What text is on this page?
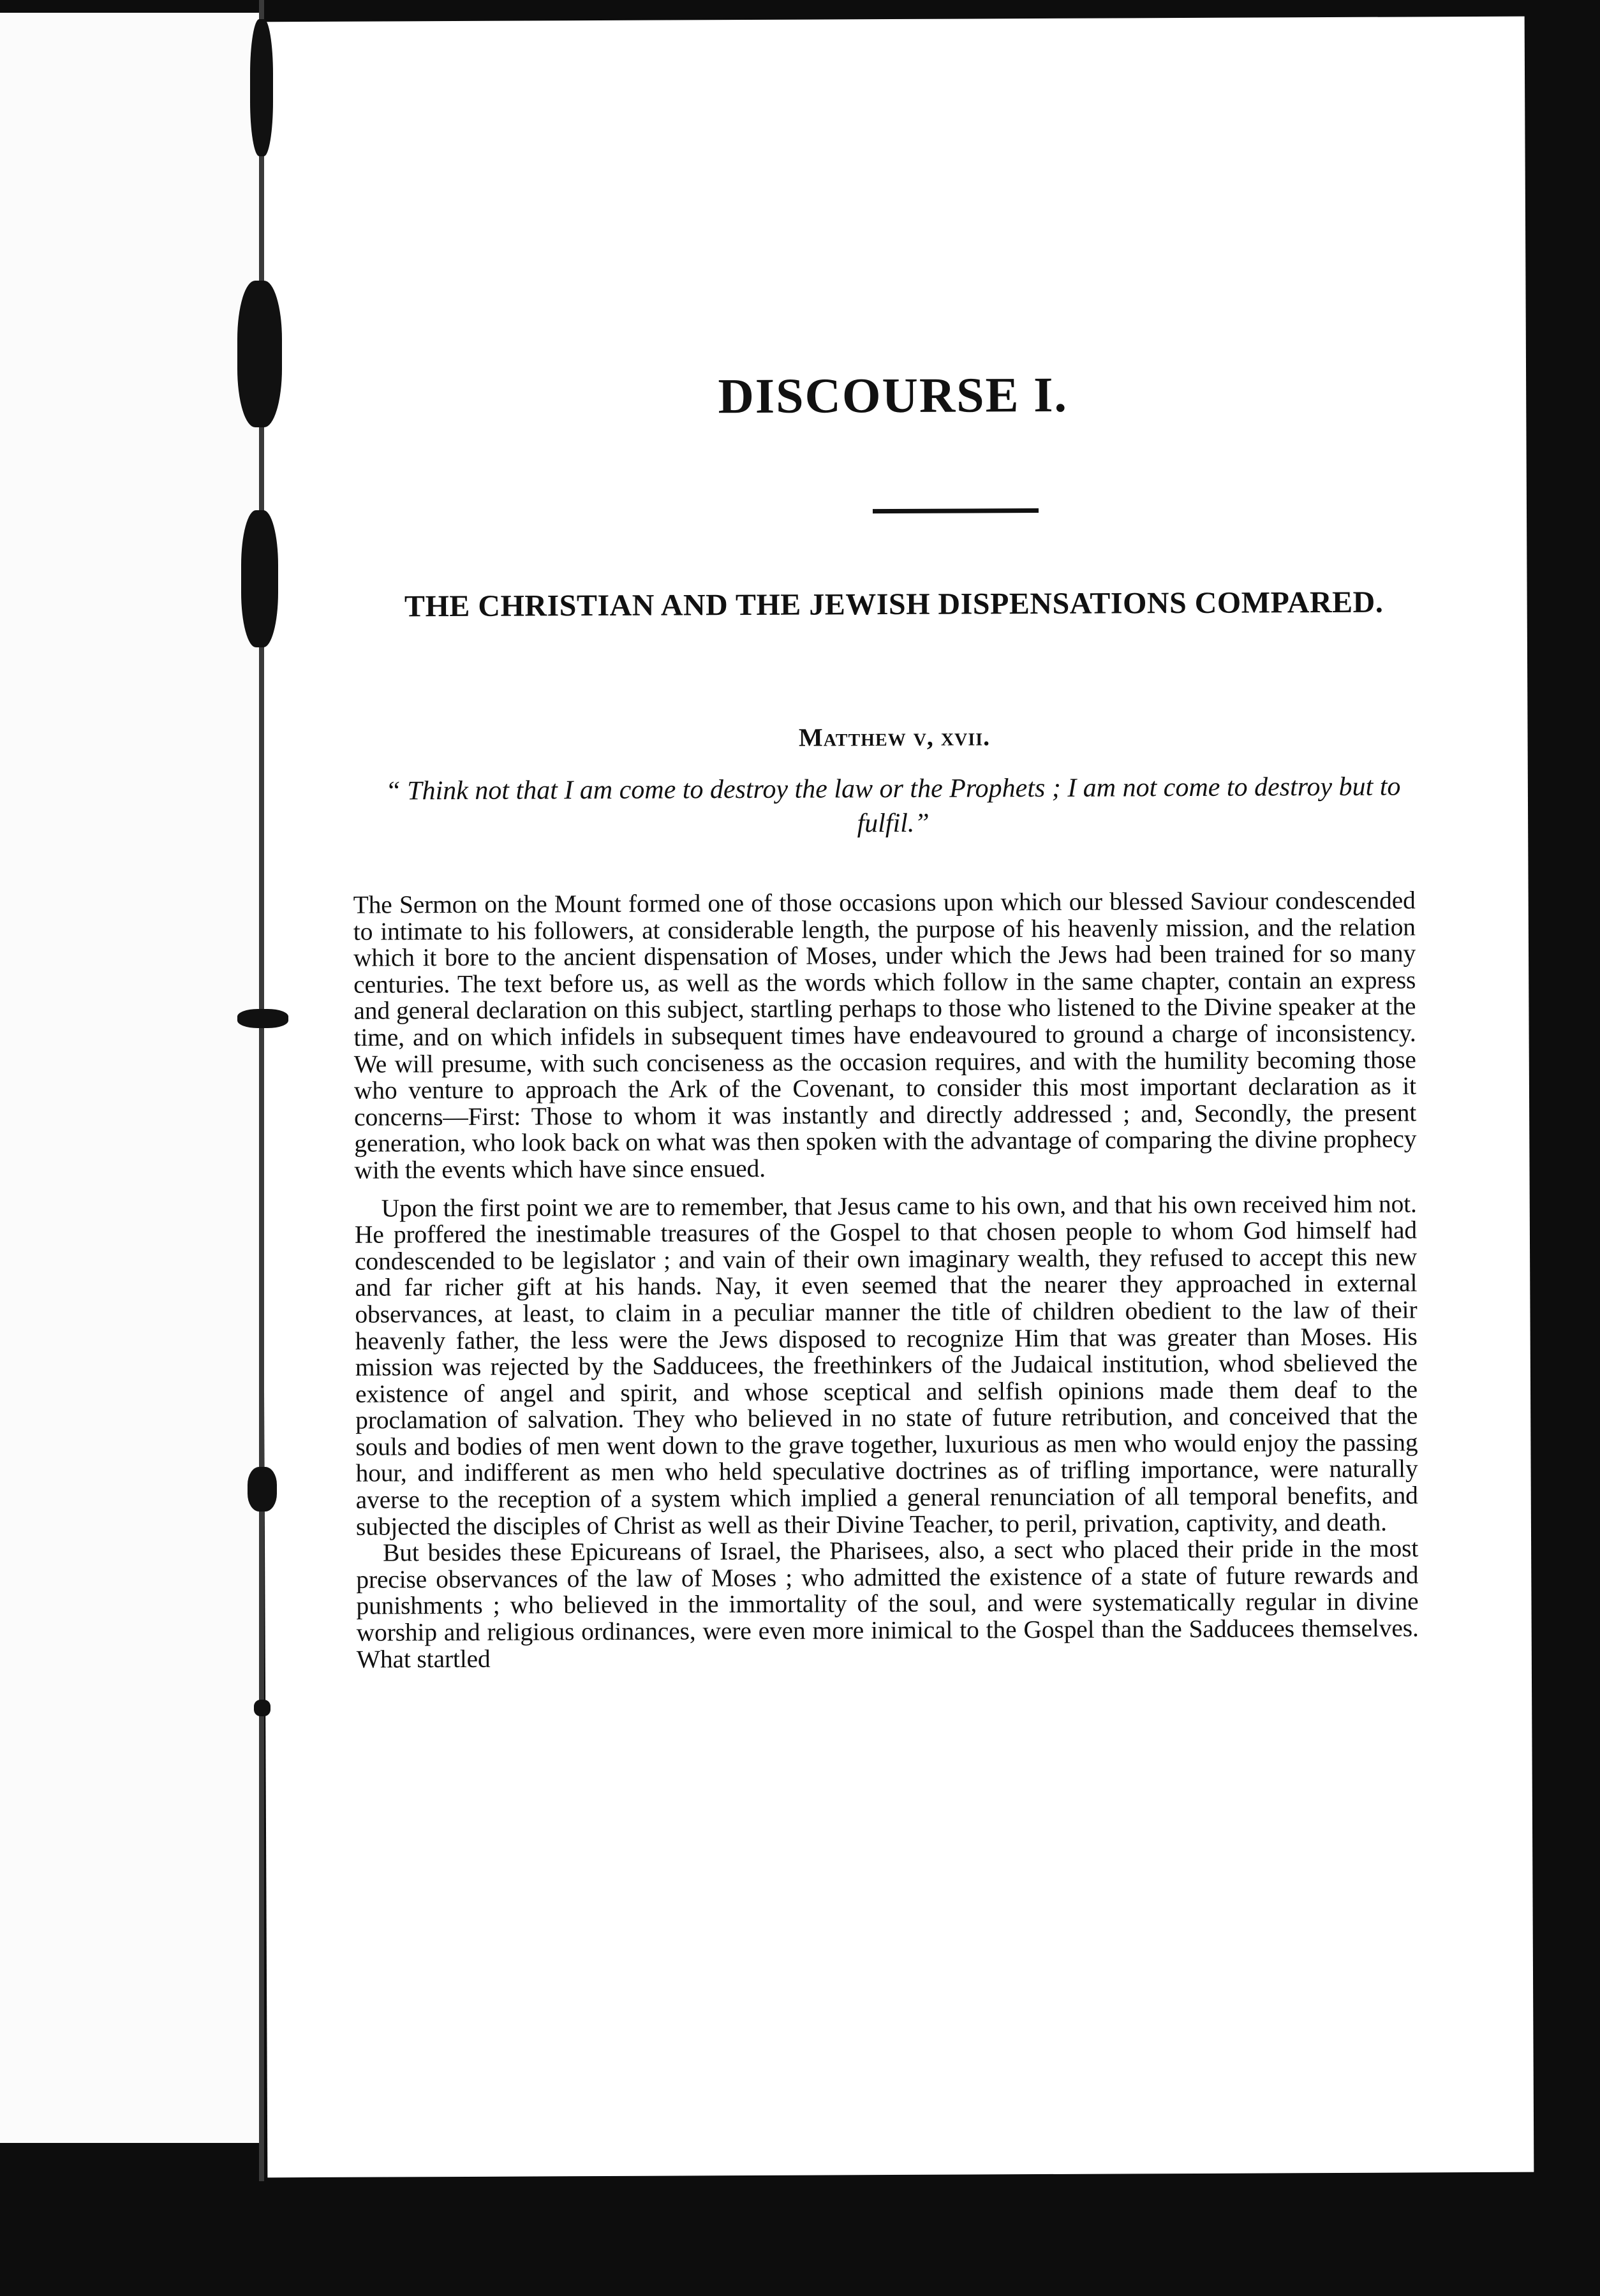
DISCOURSE I.
THE CHRISTIAN AND THE JEWISH DISPENSATIONS COMPARED.
Matthew v, xvii.
“ Think not that I am come to destroy the law or the Prophets ; I am not come to destroy but to fulfil.”

The Sermon on the Mount formed one of those occasions upon which our blessed Saviour condescended to intimate to his followers, at considerable length, the purpose of his heavenly mission, and the relation which it bore to the ancient dispensation of Moses, under which the Jews had been trained for so many centuries. The text before us, as well as the words which follow in the same chapter, contain an express and general declaration on this subject, startling perhaps to those who listened to the Divine speaker at the time, and on which infidels in subsequent times have endeavoured to ground a charge of inconsistency. We will presume, with such conciseness as the occasion requires, and with the humility becoming those who venture to approach the Ark of the Covenant, to consider this most important declaration as it concerns—First: Those to whom it was instantly and directly addressed ; and, Secondly, the present generation, who look back on what was then spoken with the advantage of comparing the divine prophecy with the events which have since ensued.

Upon the first point we are to remember, that Jesus came to his own, and that his own received him not. He proffered the inestimable treasures of the Gospel to that chosen people to whom God himself had condescended to be legislator ; and vain of their own imaginary wealth, they refused to accept this new and far richer gift at his hands. Nay, it even seemed that the nearer they approached in external observances, at least, to claim in a peculiar manner the title of children obedient to the law of their heavenly father, the less were the Jews disposed to recognize Him that was greater than Moses. His mission was rejected by the Sadducees, the freethinkers of the Judaical institution, whod sbelieved the existence of angel and spirit, and whose sceptical and selfish opinions made them deaf to the proclamation of salvation. They who believed in no state of future retribution, and conceived that the souls and bodies of men went down to the grave together, luxurious as men who would enjoy the passing hour, and indifferent as men who held speculative doctrines as of trifling importance, were naturally averse to the reception of a system which implied a general renunciation of all temporal benefits, and subjected the disciples of Christ as well as their Divine Teacher, to peril, privation, captivity, and death.

But besides these Epicureans of Israel, the Pharisees, also, a sect who placed their pride in the most precise observances of the law of Moses ; who admitted the existence of a state of future rewards and punishments ; who believed in the immortality of the soul, and were systematically regular in divine worship and religious ordinances, were even more inimical to the Gospel than the Sadducees themselves. What startled
